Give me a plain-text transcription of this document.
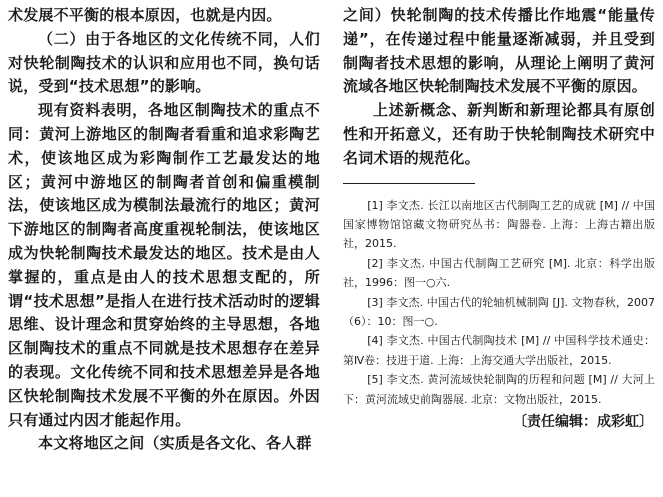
术发展不平衡的根本原因，也就是内因。

（二）由于各地区的文化传统不同，人们对快轮制陶技术的认识和应用也不同，换句话说，受到“技术思想”的影响。

现有资料表明，各地区制陶技术的重点不同：黄河上游地区的制陶者看重和追求彩陶艺术，使该地区成为彩陶制作工艺最发达的地区；黄河中游地区的制陶者首创和偏重模制法，使该地区成为模制法最流行的地区；黄河下游地区的制陶者高度重视轮制法，使该地区成为快轮制陶技术最发达的地区。技术是由人掌握的，重点是由人的技术思想支配的，所谓“技术思想”是指人在进行技术活动时的逻辑思维、设计理念和贯穿始终的主导思想，各地区制陶技术的重点不同就是技术思想存在差异的表现。文化传统不同和技术思想差异是各地区快轮制陶技术发展不平衡的外在原因。外因只有通过内因才能起作用。

本文将地区之间（实质是各文化、各人群

之间）快轮制陶的技术传播比作地震“能量传递”，在传递过程中能量逐渐减弱，并且受到制陶者技术思想的影响，从理论上阐明了黄河流域各地区快轮制陶技术发展不平衡的原因。

上述新概念、新判断和新理论都具有原创性和开拓意义，还有助于快轮制陶技术研究中名词术语的规范化。

[1] 李文杰. 长江以南地区古代制陶工艺的成就 [M] // 中国国家博物馆馆藏文物研究丛书：陶器卷. 上海：上海古籍出版社，2015.

[2] 李文杰. 中国古代制陶工艺研究 [M]. 北京：科学出版社，1996：图一○六.

[3] 李文杰. 中国古代的轮轴机械制陶 [J]. 文物春秋，2007（6）：10：图一○.

[4] 李文杰. 中国古代制陶技术 [M] // 中国科学技术通史：第Ⅳ卷：技进于道. 上海：上海交通大学出版社，2015.

[5] 李文杰. 黄河流域快轮制陶的历程和问题 [M] // 大河上下：黄河流域史前陶器展. 北京：文物出版社，2015.

〔责任编辑：成彩虹〕
